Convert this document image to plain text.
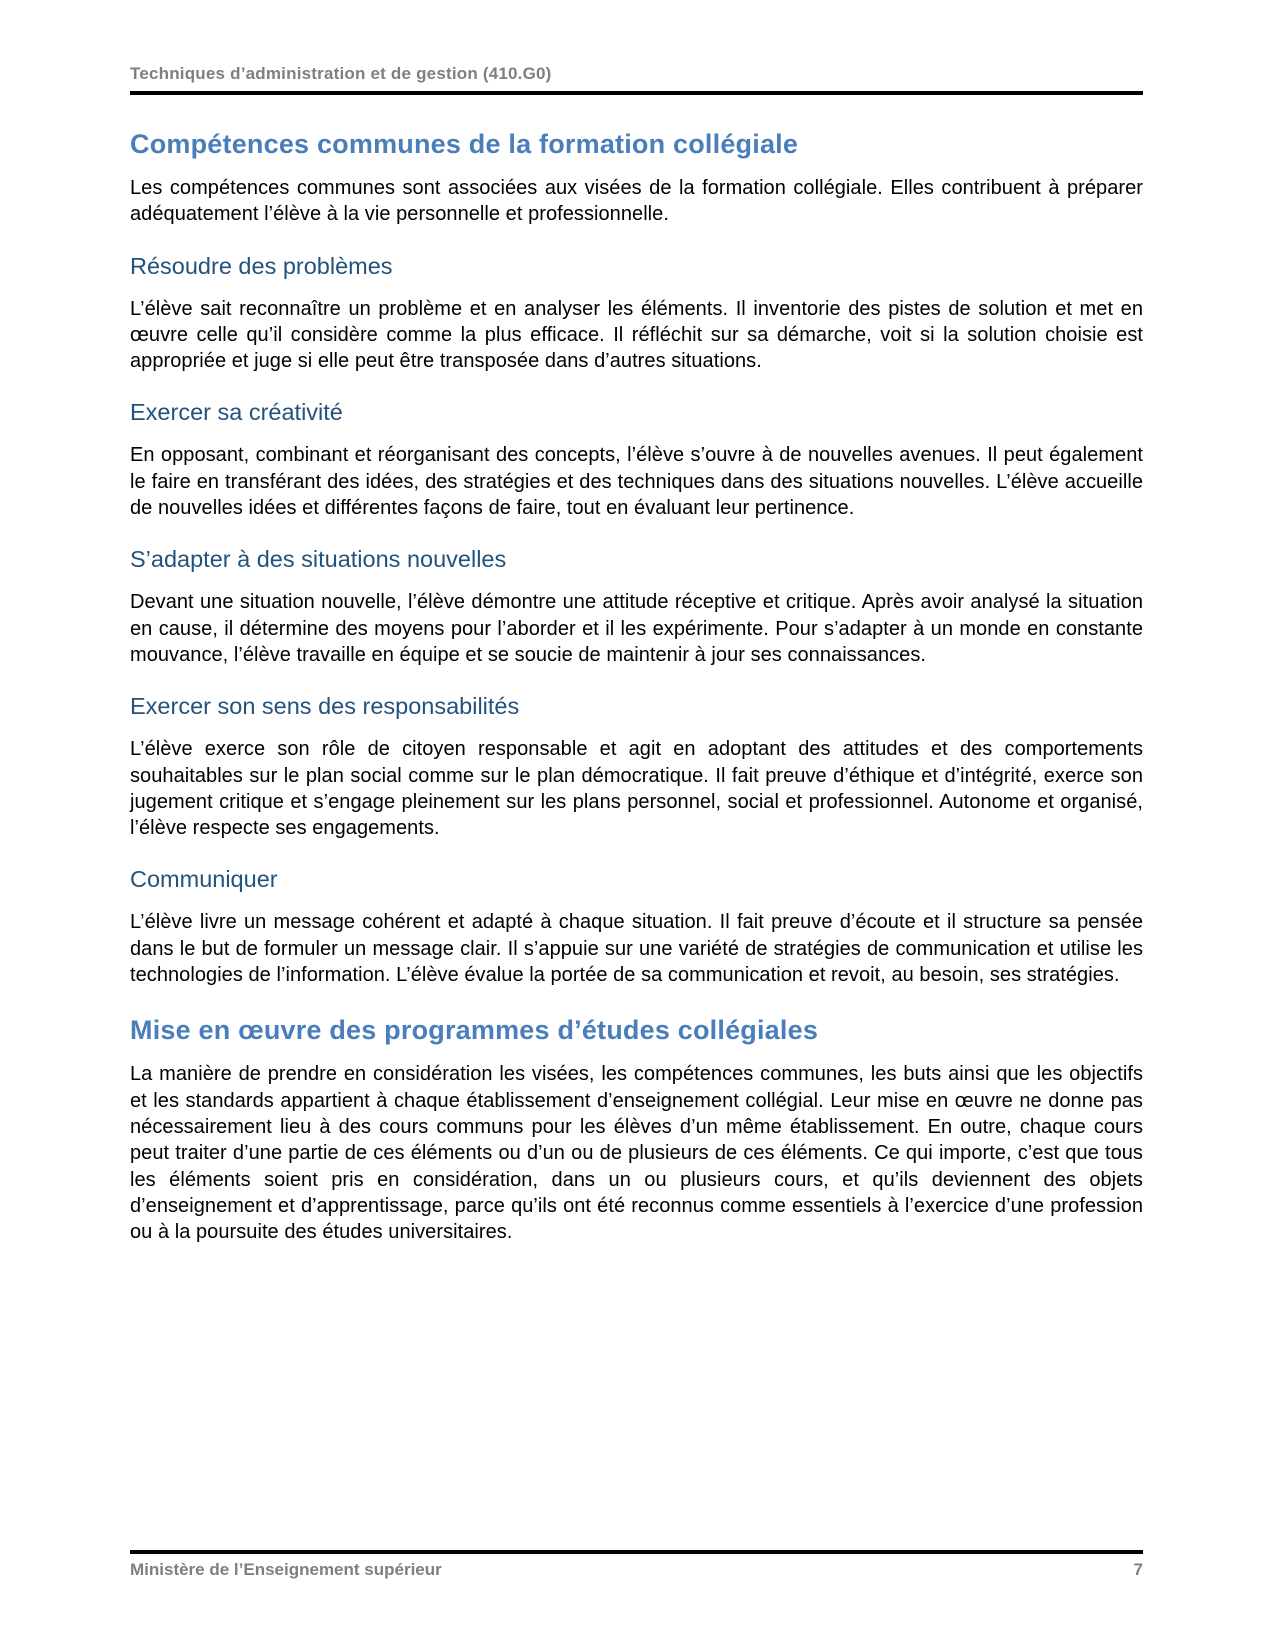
Techniques d’administration et de gestion (410.G0)
Compétences communes de la formation collégiale

Les compétences communes sont associées aux visées de la formation collégiale. Elles contribuent à préparer adéquatement l’élève à la vie personnelle et professionnelle.

Résoudre des problèmes

L’élève sait reconnaître un problème et en analyser les éléments. Il inventorie des pistes de solution et met en œuvre celle qu’il considère comme la plus efficace. Il réfléchit sur sa démarche, voit si la solution choisie est appropriée et juge si elle peut être transposée dans d’autres situations.

Exercer sa créativité

En opposant, combinant et réorganisant des concepts, l’élève s’ouvre à de nouvelles avenues. Il peut également le faire en transférant des idées, des stratégies et des techniques dans des situations nouvelles. L’élève accueille de nouvelles idées et différentes façons de faire, tout en évaluant leur pertinence.

S’adapter à des situations nouvelles

Devant une situation nouvelle, l’élève démontre une attitude réceptive et critique. Après avoir analysé la situation en cause, il détermine des moyens pour l’aborder et il les expérimente. Pour s’adapter à un monde en constante mouvance, l’élève travaille en équipe et se soucie de maintenir à jour ses connaissances.

Exercer son sens des responsabilités

L’élève exerce son rôle de citoyen responsable et agit en adoptant des attitudes et des comportements souhaitables sur le plan social comme sur le plan démocratique. Il fait preuve d’éthique et d’intégrité, exerce son jugement critique et s’engage pleinement sur les plans personnel, social et professionnel. Autonome et organisé, l’élève respecte ses engagements.

Communiquer

L’élève livre un message cohérent et adapté à chaque situation. Il fait preuve d’écoute et il structure sa pensée dans le but de formuler un message clair. Il s’appuie sur une variété de stratégies de communication et utilise les technologies de l’information. L’élève évalue la portée de sa communication et revoit, au besoin, ses stratégies.

Mise en œuvre des programmes d’études collégiales

La manière de prendre en considération les visées, les compétences communes, les buts ainsi que les objectifs et les standards appartient à chaque établissement d’enseignement collégial. Leur mise en œuvre ne donne pas nécessairement lieu à des cours communs pour les élèves d’un même établissement. En outre, chaque cours peut traiter d’une partie de ces éléments ou d’un ou de plusieurs de ces éléments. Ce qui importe, c’est que tous les éléments soient pris en considération, dans un ou plusieurs cours, et qu’ils deviennent des objets d’enseignement et d’apprentissage, parce qu’ils ont été reconnus comme essentiels à l’exercice d’une profession ou à la poursuite des études universitaires.

Ministère de l’Enseignement supérieur	7
